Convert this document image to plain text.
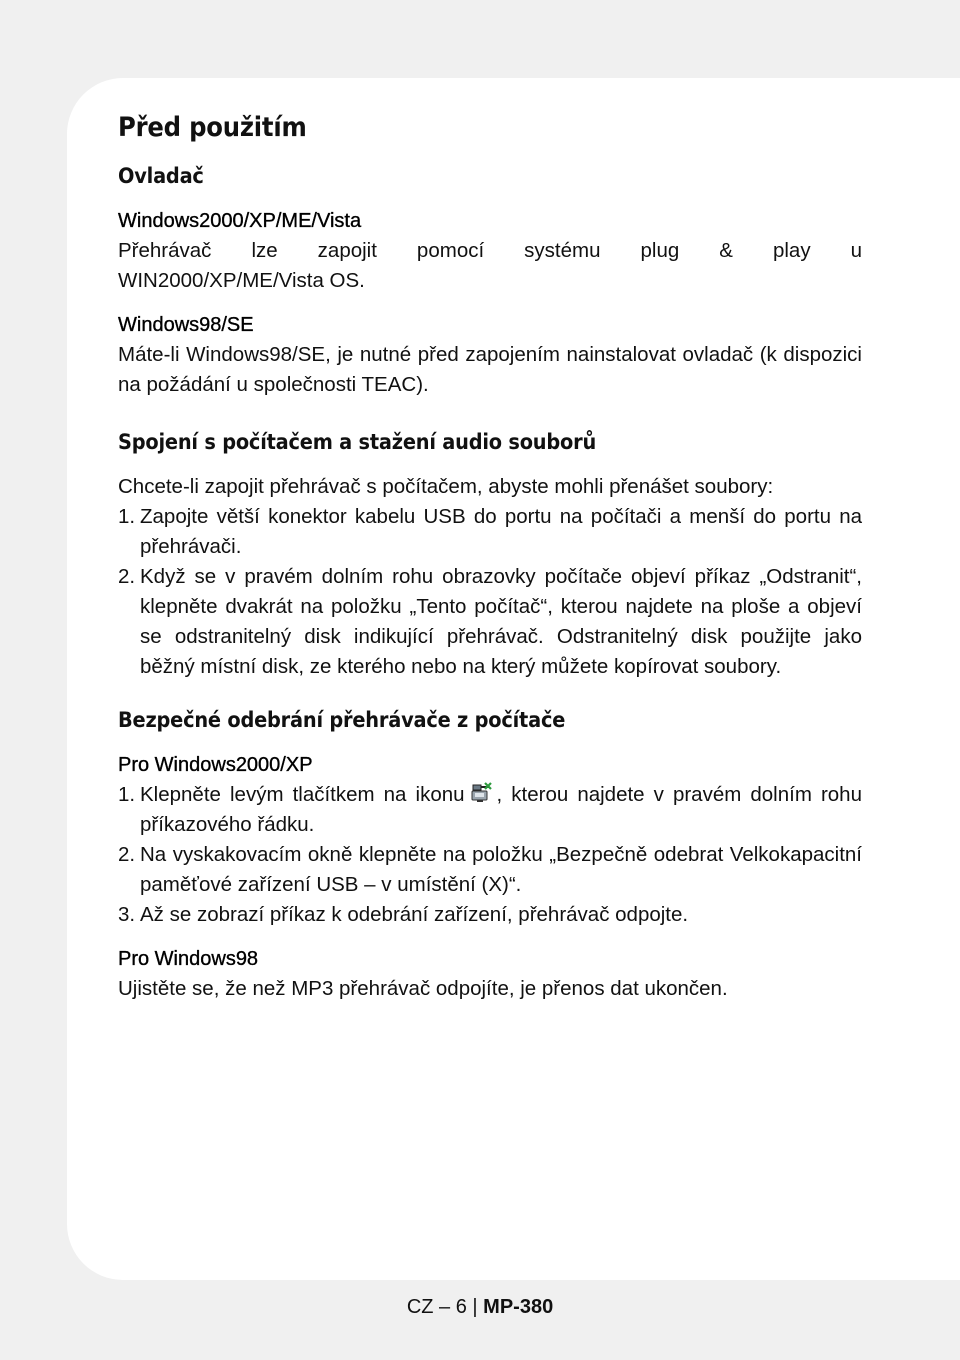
Před použitím
Ovladač
Windows2000/XP/ME/Vista
Přehrávač lze zapojit pomocí systému plug & play u
WIN2000/XP/ME/Vista OS.
Windows98/SE

Máte-li Windows98/SE, je nutné před zapojením nainstalovat ovladač (k dispozici na požádání u společnosti TEAC).

Spojení s počítačem a stažení audio souborů

Chcete-li zapojit přehrávač s počítačem, abyste mohli přenášet soubory:

1. Zapojte větší konektor kabelu USB do portu na počítači a menší do portu na přehrávači.
2. Když se v pravém dolním rohu obrazovky počítače objeví příkaz „Odstranit“, klepněte dvakrát na položku „Tento počítač“, kterou najdete na ploše a objeví se odstranitelný disk indikující přehrávač. Odstranitelný disk použijte jako běžný místní disk, ze kterého nebo na který můžete kopírovat soubory.
Bezpečné odebrání přehrávače z počítače
Pro Windows2000/XP
1. Klepněte levým tlačítkem na ikonu , kterou najdete v pravém dolním rohu příkazového řádku.
2. Na vyskakovacím okně klepněte na položku „Bezpečně odebrat Velkokapacitní paměťové zařízení USB – v umístění (X)“.
3. Až se zobrazí příkaz k odebrání zařízení, přehrávač odpojte.
Pro Windows98

Ujistěte se, že než MP3 přehrávač odpojíte, je přenos dat ukončen.

CZ – 6 | MP-380
